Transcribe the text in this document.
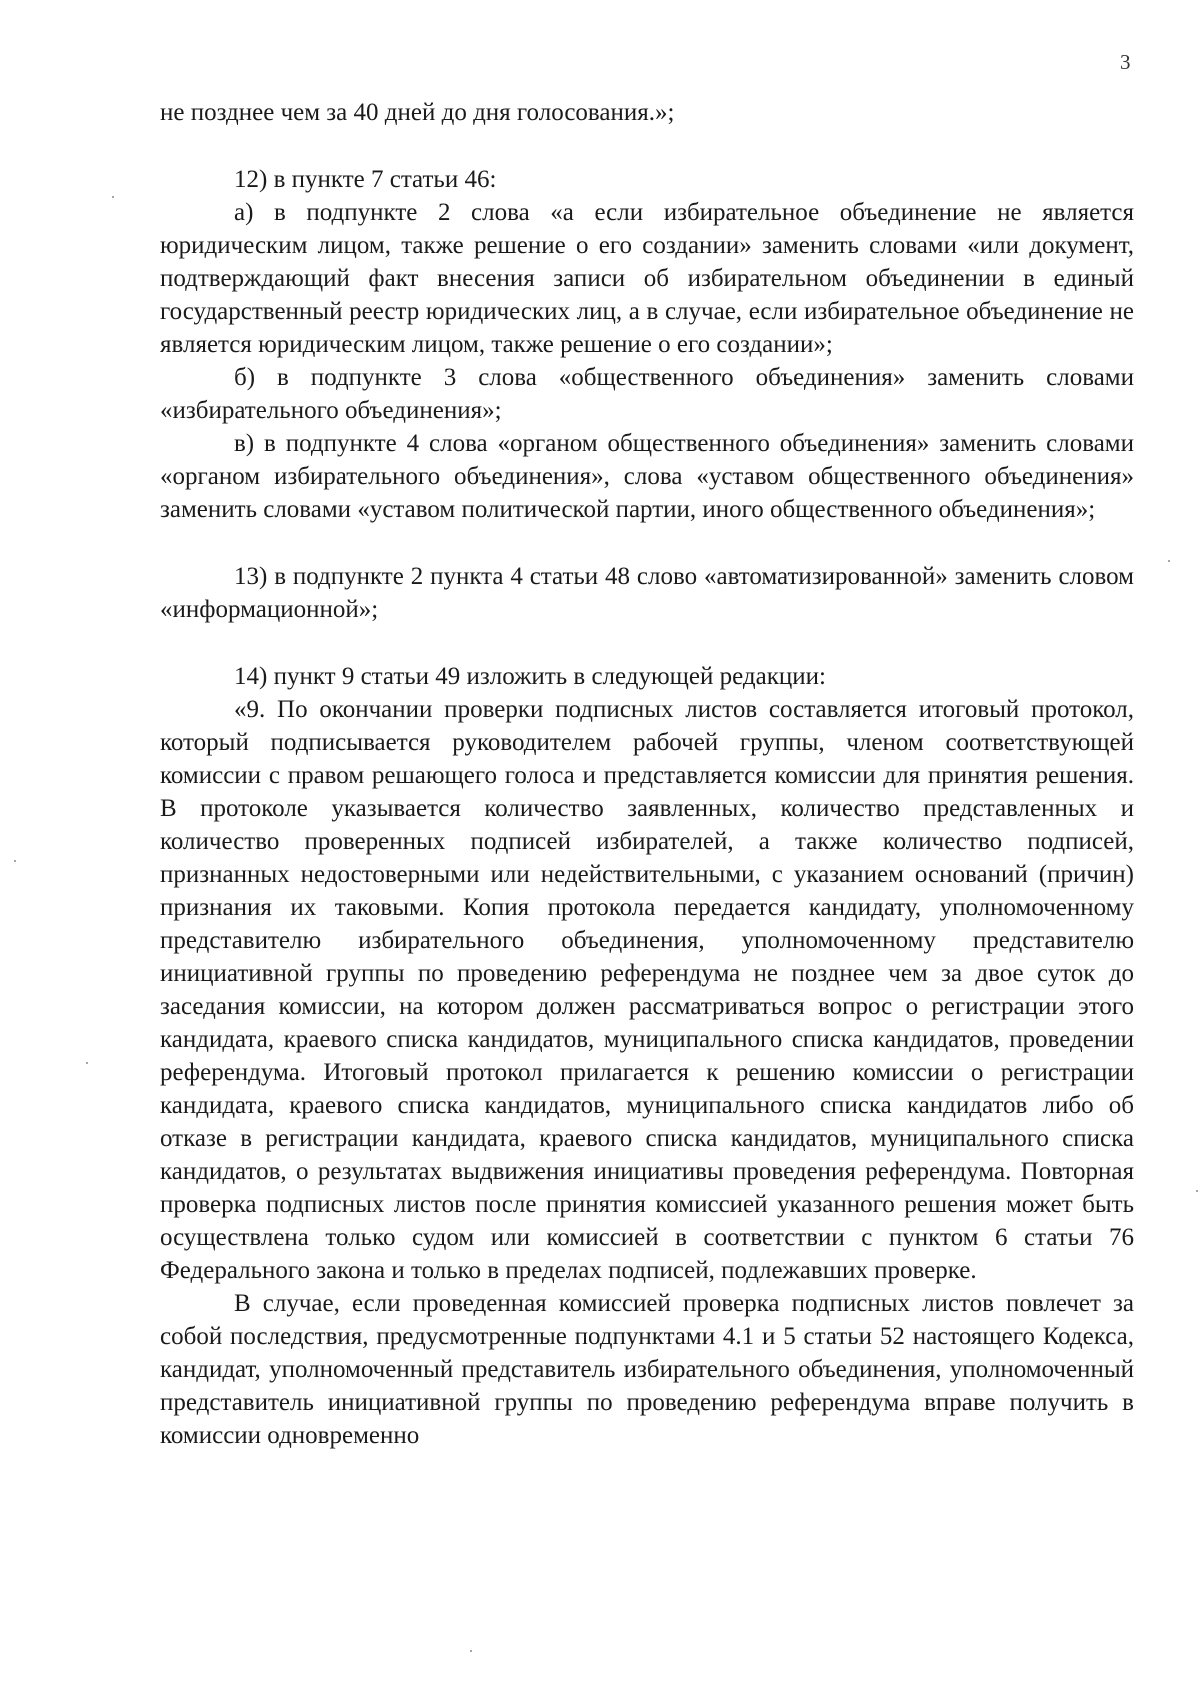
3

не позднее чем за 40 дней до дня голосования.»;

12) в пункте 7 статьи 46:

а) в подпункте 2 слова «а если избирательное объединение не является юридическим лицом, также решение о его создании» заменить словами «или документ, подтверждающий факт внесения записи об избирательном объединении в единый государственный реестр юридических лиц, а в случае, если избирательное объединение не является юридическим лицом, также решение о его создании»;

б) в подпункте 3 слова «общественного объединения» заменить словами «избирательного объединения»;

в) в подпункте 4 слова «органом общественного объединения» заменить словами «органом избирательного объединения», слова «уставом общественного объединения» заменить словами «уставом политической партии, иного общественного объединения»;

13) в подпункте 2 пункта 4 статьи 48 слово «автоматизированной» заменить словом «информационной»;

14) пункт 9 статьи 49 изложить в следующей редакции:

«9. По окончании проверки подписных листов составляется итоговый протокол, который подписывается руководителем рабочей группы, членом соответствующей комиссии с правом решающего голоса и представляется комиссии для принятия решения. В протоколе указывается количество заявленных, количество представленных и количество проверенных подписей избирателей, а также количество подписей, признанных недостоверными или недействительными, с указанием оснований (причин) признания их таковыми. Копия протокола передается кандидату, уполномоченному представителю избирательного объединения, уполномоченному представителю инициативной группы по проведению референдума не позднее чем за двое суток до заседания комиссии, на котором должен рассматриваться вопрос о регистрации этого кандидата, краевого списка кандидатов, муниципального списка кандидатов, проведении референдума. Итоговый протокол прилагается к решению комиссии о регистрации кандидата, краевого списка кандидатов, муниципального списка кандидатов либо об отказе в регистрации кандидата, краевого списка кандидатов, муниципального списка кандидатов, о результатах выдвижения инициативы проведения референдума. Повторная проверка подписных листов после принятия комиссией указанного решения может быть осуществлена только судом или комиссией в соответствии с пунктом 6 статьи 76 Федерального закона и только в пределах подписей, подлежавших проверке.

В случае, если проведенная комиссией проверка подписных листов повлечет за собой последствия, предусмотренные подпунктами 4.1 и 5 статьи 52 настоящего Кодекса, кандидат, уполномоченный представитель избирательного объединения, уполномоченный представитель инициативной группы по проведению референдума вправе получить в комиссии одновременно
